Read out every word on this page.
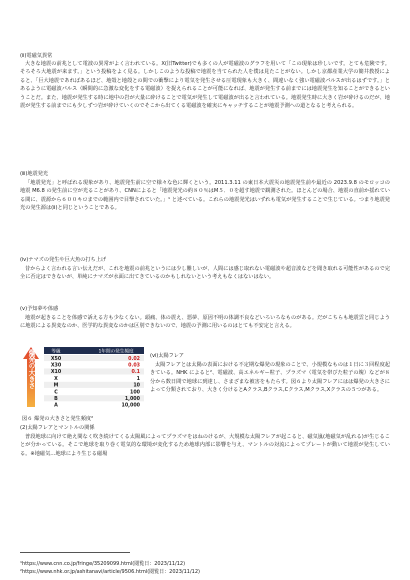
(ⅱ)電磁気異常

大きな地震の前兆として電波の異常がよく言われている。X(旧Twitter)でも多くの人が電磁波のグラフを用いて「この現象は珍しいです。とても危険です。そろそろ大地震が来ます。」という投稿をよく見る。しかしこのような投稿で地震を当てられた人を僕は見たことがない。しかし京都産業大学の簡井教授によると、「巨大地震であればあるほど、地殻と地殻との間での衝撃により電気を発生させる圧電現象も大きく、間違いなく強い電磁波パルスが出るはずです。」とあるように電磁波パルス（瞬間的に急激な変化をする電磁波）を捉えられることが可能になれば、地震が発生する前までには地震発生を知ることができるということだ。また、地震が発生する時に地中の岩が大量に砕けることで電気が発生して電磁波が出ると言われている。地震発生時に大きく岩が砕けるのだが、地震が発生する前までにも少しずつ岩が砕けていくのでそこから出てくる電磁波を確実にキャッチすることが地震予測への道となると考えられる。

(ⅲ)地震発光

「地震発光」と呼ばれる現象があり、地震発生前に空で様々な色に輝くという。2011.3.11 の東日本大震災の地震発生前や最近の 2023.9.8 のモロッコの地震 M6.8 の発生前に空が光ることがあり、CNNによると「地震発光の約８０％はM５．０を超す地震で観測された。ほとんどの場合、地震の直前か揺れている間に、震源から６００キロまでの範囲内で目撃されていた。」¹ と述べている。これらの地震発光はいずれも電気が発生することで生じている。つまり地震発光の発生源は(ⅱ)と同じということである。

(ⅳ)ナマズの発生や巨大魚の打ち上げ

昔からよく言われる言い伝えだが、これを地震の前兆というには少し難しいが、人間には感じ取れない電磁波や超音波などを聞き取れる可能性があるので完全に否定はできないが、単純にナマズが水面に出てきているのかもしれないという考えもなくはないはない。

(ⅴ)予知夢や体感

地震が起きることを体感で訴える方も少なくない。頭痛、体の震え、悪夢、原因不明の体調不良などいろいろなものがある。だがこちらも地震雲と同じように地震による異変なのか、医学的な異変なのかは区別できないので、地震の予測に用いるのはとても不安定と言える。

爆発の大きさ	等級	1年間の発生頻度
X50	0.02
X30	0.03
X10	0.1
X	1
M	10
C	100
B	1,000
A	10,000

図６ 爆発の大きさと発生頻度²

(ⅵ)太陽フレア

太陽フレアとは太陽の表面における不定期な爆発の現象のことで、小規模なものは１日に３回程度起きている。NHK によると²、電磁波、高エネルギー粒子、プラズマ（電気を帯びた粒子の塊）などが８分から数日間で地球に到達し、さまざまな被害をもたらす。図６より太陽フレアにはは爆発の大きさによって分類されており、大きく分けるとAクラス,Bクラス,Cクラス,Mクラス,Xクラスの５つがある。

(2)太陽フレアとマントルの関係

普段地球に向けて絶え間なく吹き続けてくる太陽風によってプラズマをはねのけるが、大規模な太陽フレアが起こると、磁気嵐(地磁気が乱れる)が生じることが分かっている。そこで地球を取り巻く電気的な環境が変化するため地球内部に影響を与え、マントルの対流によってプレートが動いて地震が発生している。※地磁気…地球により生じる磁場

¹https://www.cnn.co.jp/fringe/35209099.html(閲覧日：2023/11/12)

²https://www.nhk.or.jp/ashitanavi/article/9506.html(閲覧日：2023/11/12)
